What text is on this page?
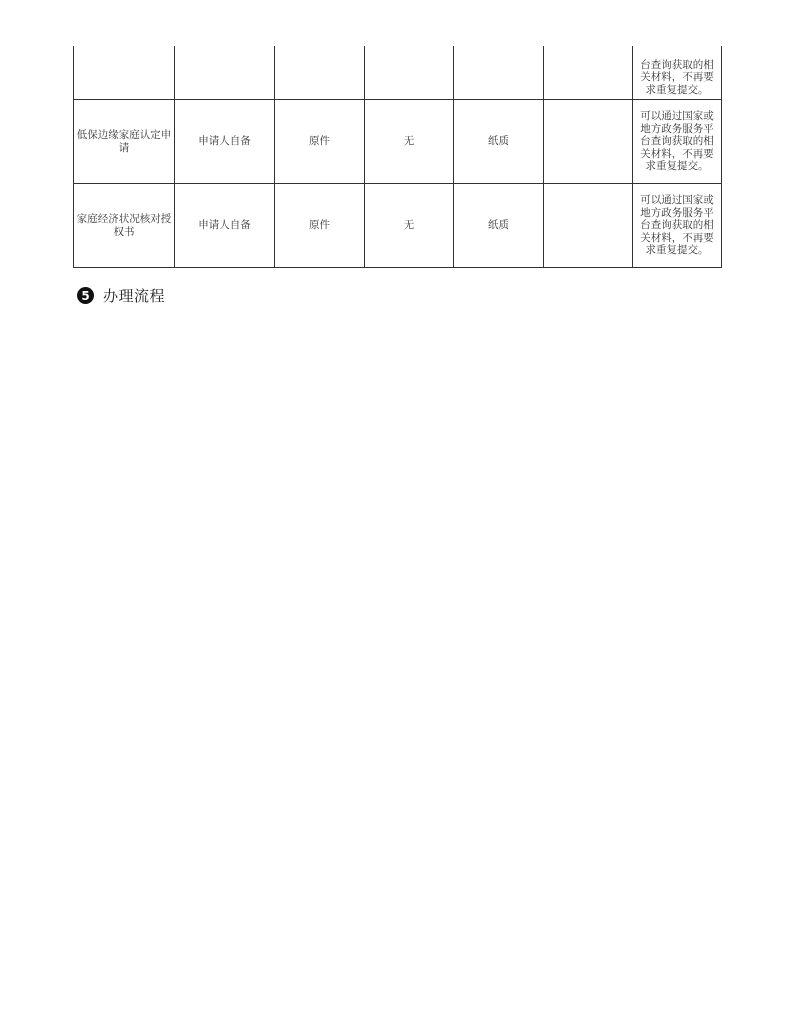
						台查询获取的相
关材料，不再要
求重复提交。

低保边缘家庭认定申请	申请人自备	原件	无	纸质		可以通过国家或
地方政务服务平
台查询获取的相
关材料，不再要
求重复提交。

家庭经济状况核对授权书	申请人自备	原件	无	纸质		可以通过国家或
地方政务服务平
台查询获取的相
关材料，不再要
求重复提交。
5 办理流程
